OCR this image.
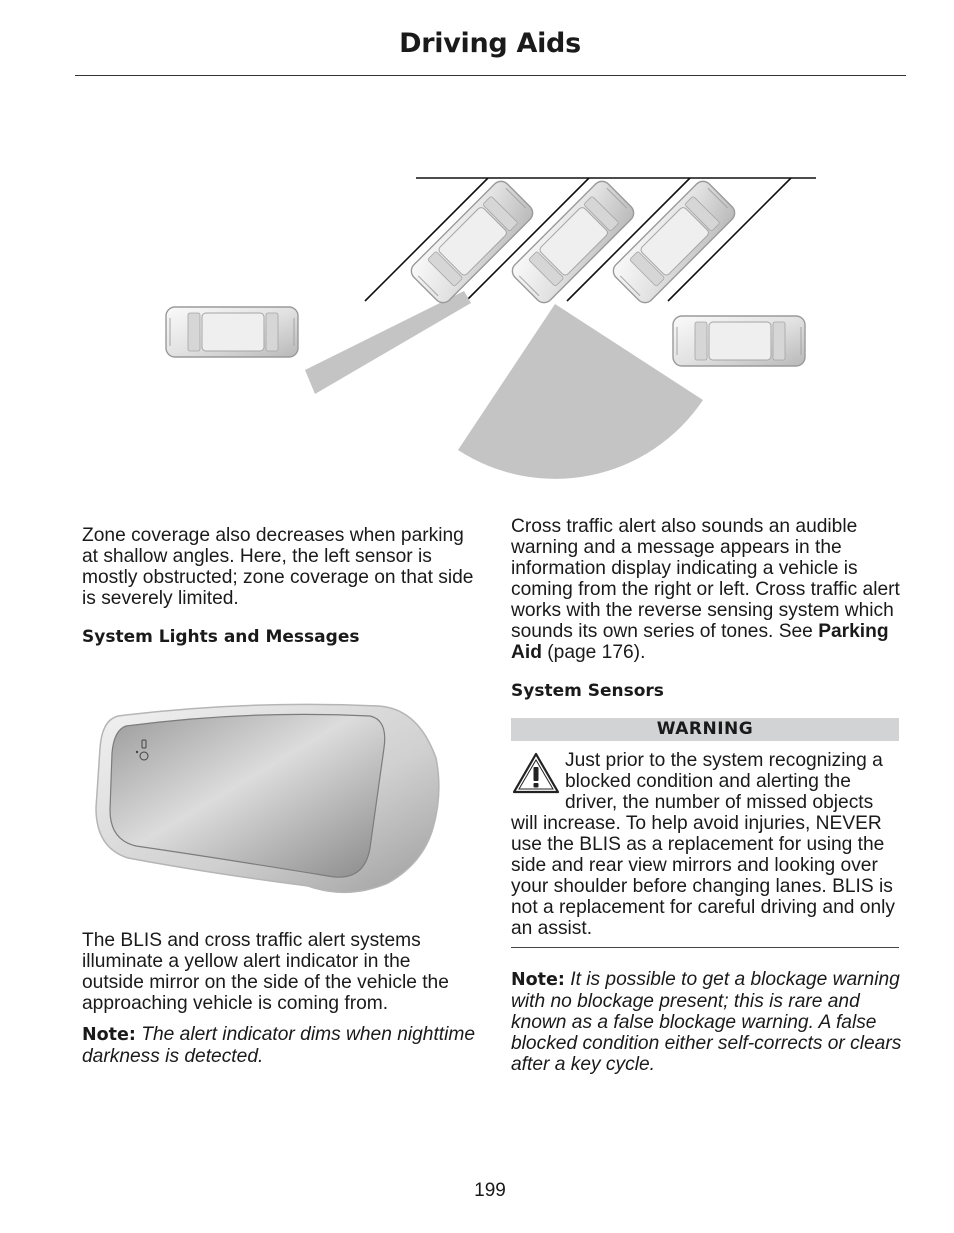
Driving Aids

Zone coverage also decreases when parking at shallow angles. Here, the left sensor is mostly obstructed; zone coverage on that side is severely limited.

System Lights and Messages

The BLIS and cross traffic alert systems illuminate a yellow alert indicator in the outside mirror on the side of the vehicle the approaching vehicle is coming from.

Note: The alert indicator dims when nighttime darkness is detected.

Cross traffic alert also sounds an audible warning and a message appears in the information display indicating a vehicle is coming from the right or left. Cross traffic alert works with the reverse sensing system which sounds its own series of tones. See Parking Aid (page 176).

System Sensors
WARNING
Just prior to the system recognizing a blocked condition and alerting the driver, the number of missed objects
will increase. To help avoid injuries, NEVER use the BLIS as a replacement for using the side and rear view mirrors and looking over your shoulder before changing lanes. BLIS is not a replacement for careful driving and only an assist.

Note: It is possible to get a blockage warning with no blockage present; this is rare and known as a false blockage warning. A false blocked condition either self-corrects or clears after a key cycle.

199
